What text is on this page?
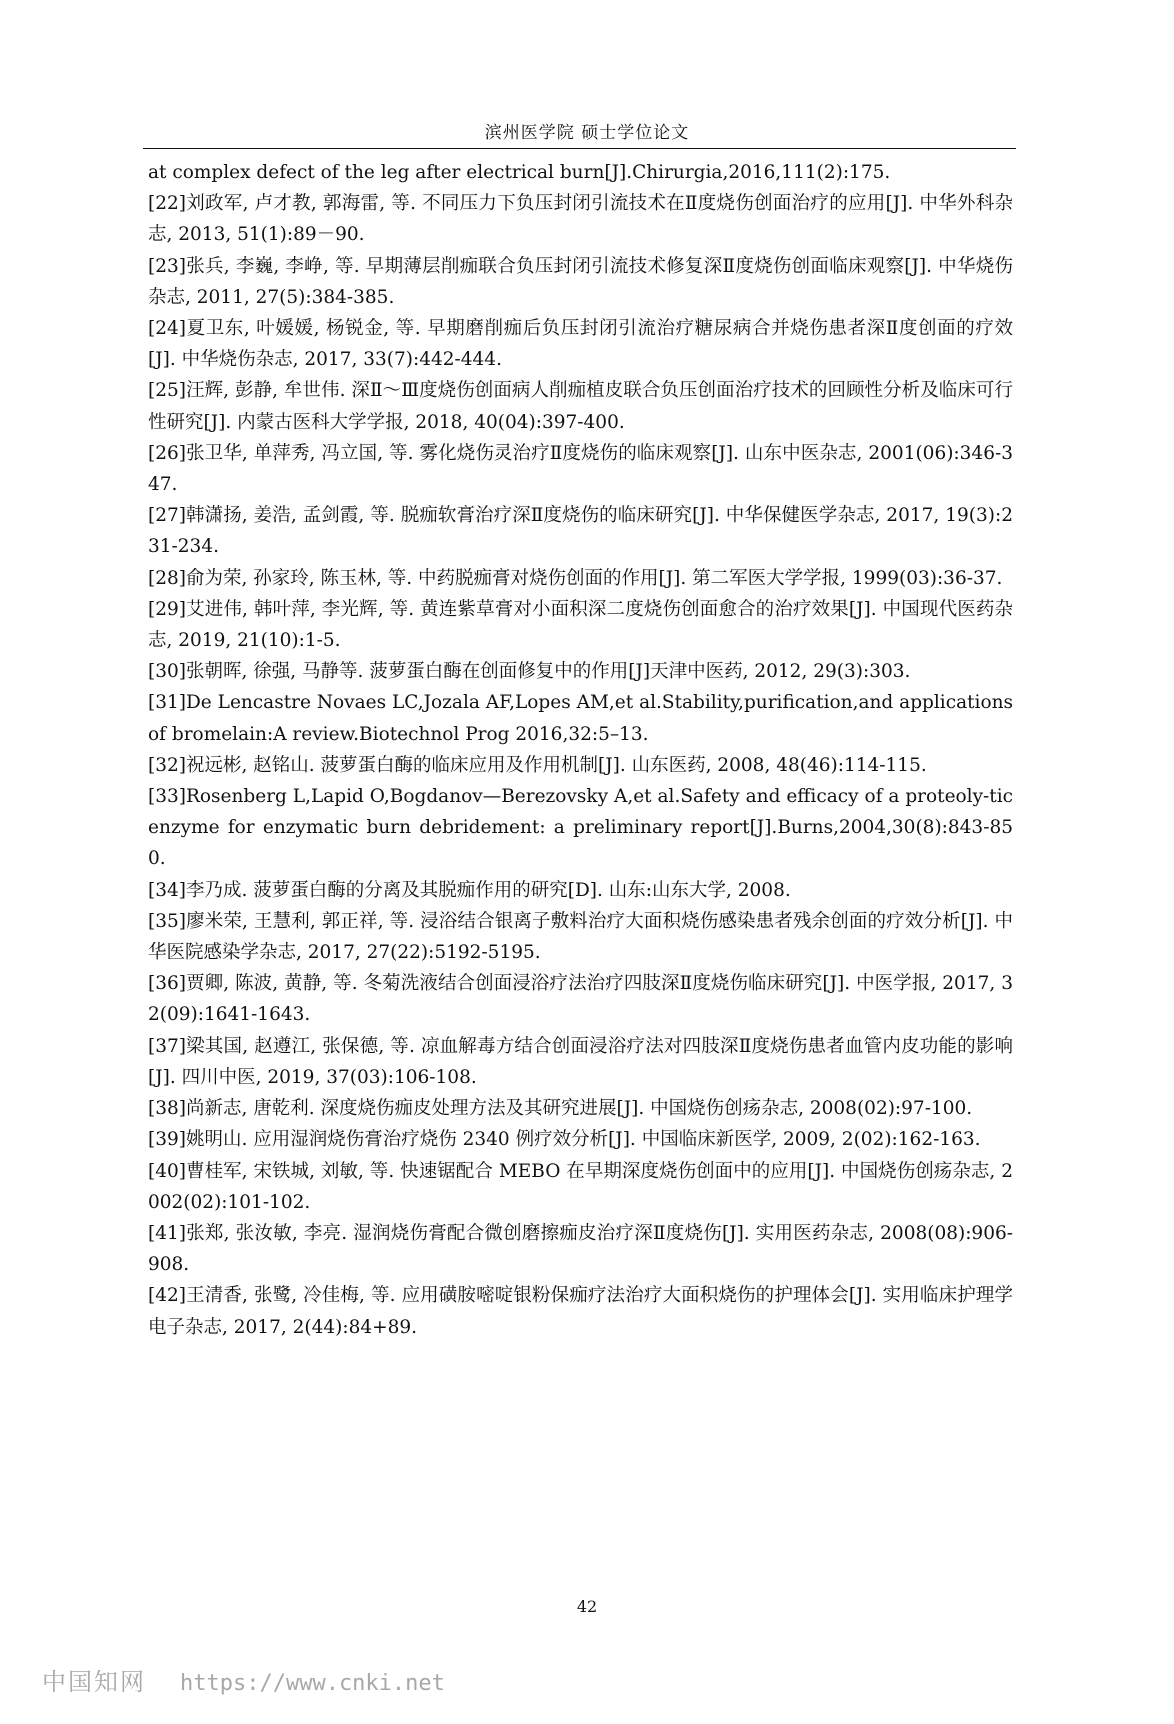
滨州医学院 硕士学位论文

at complex defect of the leg after electrical burn[J].Chirurgia,2016,111(2):175.

[22]刘政军, 卢才教, 郭海雷, 等. 不同压力下负压封闭引流技术在Ⅱ度烧伤创面治疗的应用[J]. 中华外科杂志, 2013, 51(1):89－90.

[23]张兵, 李巍, 李峥, 等. 早期薄层削痂联合负压封闭引流技术修复深Ⅱ度烧伤创面临床观察[J]. 中华烧伤杂志, 2011, 27(5):384-385.

[24]夏卫东, 叶媛媛, 杨锐金, 等. 早期磨削痂后负压封闭引流治疗糖尿病合并烧伤患者深Ⅱ度创面的疗效[J]. 中华烧伤杂志, 2017, 33(7):442-444.

[25]汪辉, 彭静, 牟世伟. 深Ⅱ～Ⅲ度烧伤创面病人削痂植皮联合负压创面治疗技术的回顾性分析及临床可行性研究[J]. 内蒙古医科大学学报, 2018, 40(04):397-400.

[26]张卫华, 单萍秀, 冯立国, 等. 雾化烧伤灵治疗Ⅱ度烧伤的临床观察[J]. 山东中医杂志, 2001(06):346-347.

[27]韩潇扬, 姜浩, 孟剑霞, 等. 脱痂软膏治疗深Ⅱ度烧伤的临床研究[J]. 中华保健医学杂志, 2017, 19(3):231-234.

[28]俞为荣, 孙家玲, 陈玉林, 等. 中药脱痂膏对烧伤创面的作用[J]. 第二军医大学学报, 1999(03):36-37.

[29]艾进伟, 韩叶萍, 李光辉, 等. 黄连紫草膏对小面积深二度烧伤创面愈合的治疗效果[J]. 中国现代医药杂志, 2019, 21(10):1-5.

[30]张朝晖, 徐强, 马静等. 菠萝蛋白酶在创面修复中的作用[J]天津中医药, 2012, 29(3):303.

[31]De Lencastre Novaes LC,Jozala AF,Lopes AM,et al.Stability,purification,and applications of bromelain:A review.Biotechnol Prog 2016,32:5–13.

[32]祝远彬, 赵铭山. 菠萝蛋白酶的临床应用及作用机制[J]. 山东医药, 2008, 48(46):114-115.

[33]Rosenberg L,Lapid O,Bogdanov—Berezovsky A,et al.Safety and efficacy of a proteoly-tic enzyme for enzymatic burn debridement: a preliminary report[J].Burns,2004,30(8):843-850.

[34]李乃成. 菠萝蛋白酶的分离及其脱痂作用的研究[D]. 山东:山东大学, 2008.

[35]廖米荣, 王慧利, 郭正祥, 等. 浸浴结合银离子敷料治疗大面积烧伤感染患者残余创面的疗效分析[J]. 中华医院感染学杂志, 2017, 27(22):5192-5195.

[36]贾卿, 陈波, 黄静, 等. 冬菊洗液结合创面浸浴疗法治疗四肢深Ⅱ度烧伤临床研究[J]. 中医学报, 2017, 32(09):1641-1643.

[37]梁其国, 赵遵江, 张保德, 等. 凉血解毒方结合创面浸浴疗法对四肢深Ⅱ度烧伤患者血管内皮功能的影响[J]. 四川中医, 2019, 37(03):106-108.

[38]尚新志, 唐乾利. 深度烧伤痂皮处理方法及其研究进展[J]. 中国烧伤创疡杂志, 2008(02):97-100.

[39]姚明山. 应用湿润烧伤膏治疗烧伤 2340 例疗效分析[J]. 中国临床新医学, 2009, 2(02):162-163.

[40]曹桂军, 宋铁城, 刘敏, 等. 快速锯配合 MEBO 在早期深度烧伤创面中的应用[J]. 中国烧伤创疡杂志, 2002(02):101-102.

[41]张郑, 张汝敏, 李亮. 湿润烧伤膏配合微创磨擦痂皮治疗深Ⅱ度烧伤[J]. 实用医药杂志, 2008(08):906-908.

[42]王清香, 张鹭, 冷佳梅, 等. 应用磺胺嘧啶银粉保痂疗法治疗大面积烧伤的护理体会[J]. 实用临床护理学电子杂志, 2017, 2(44):84+89.

42
中国知网 https://www.cnki.net
